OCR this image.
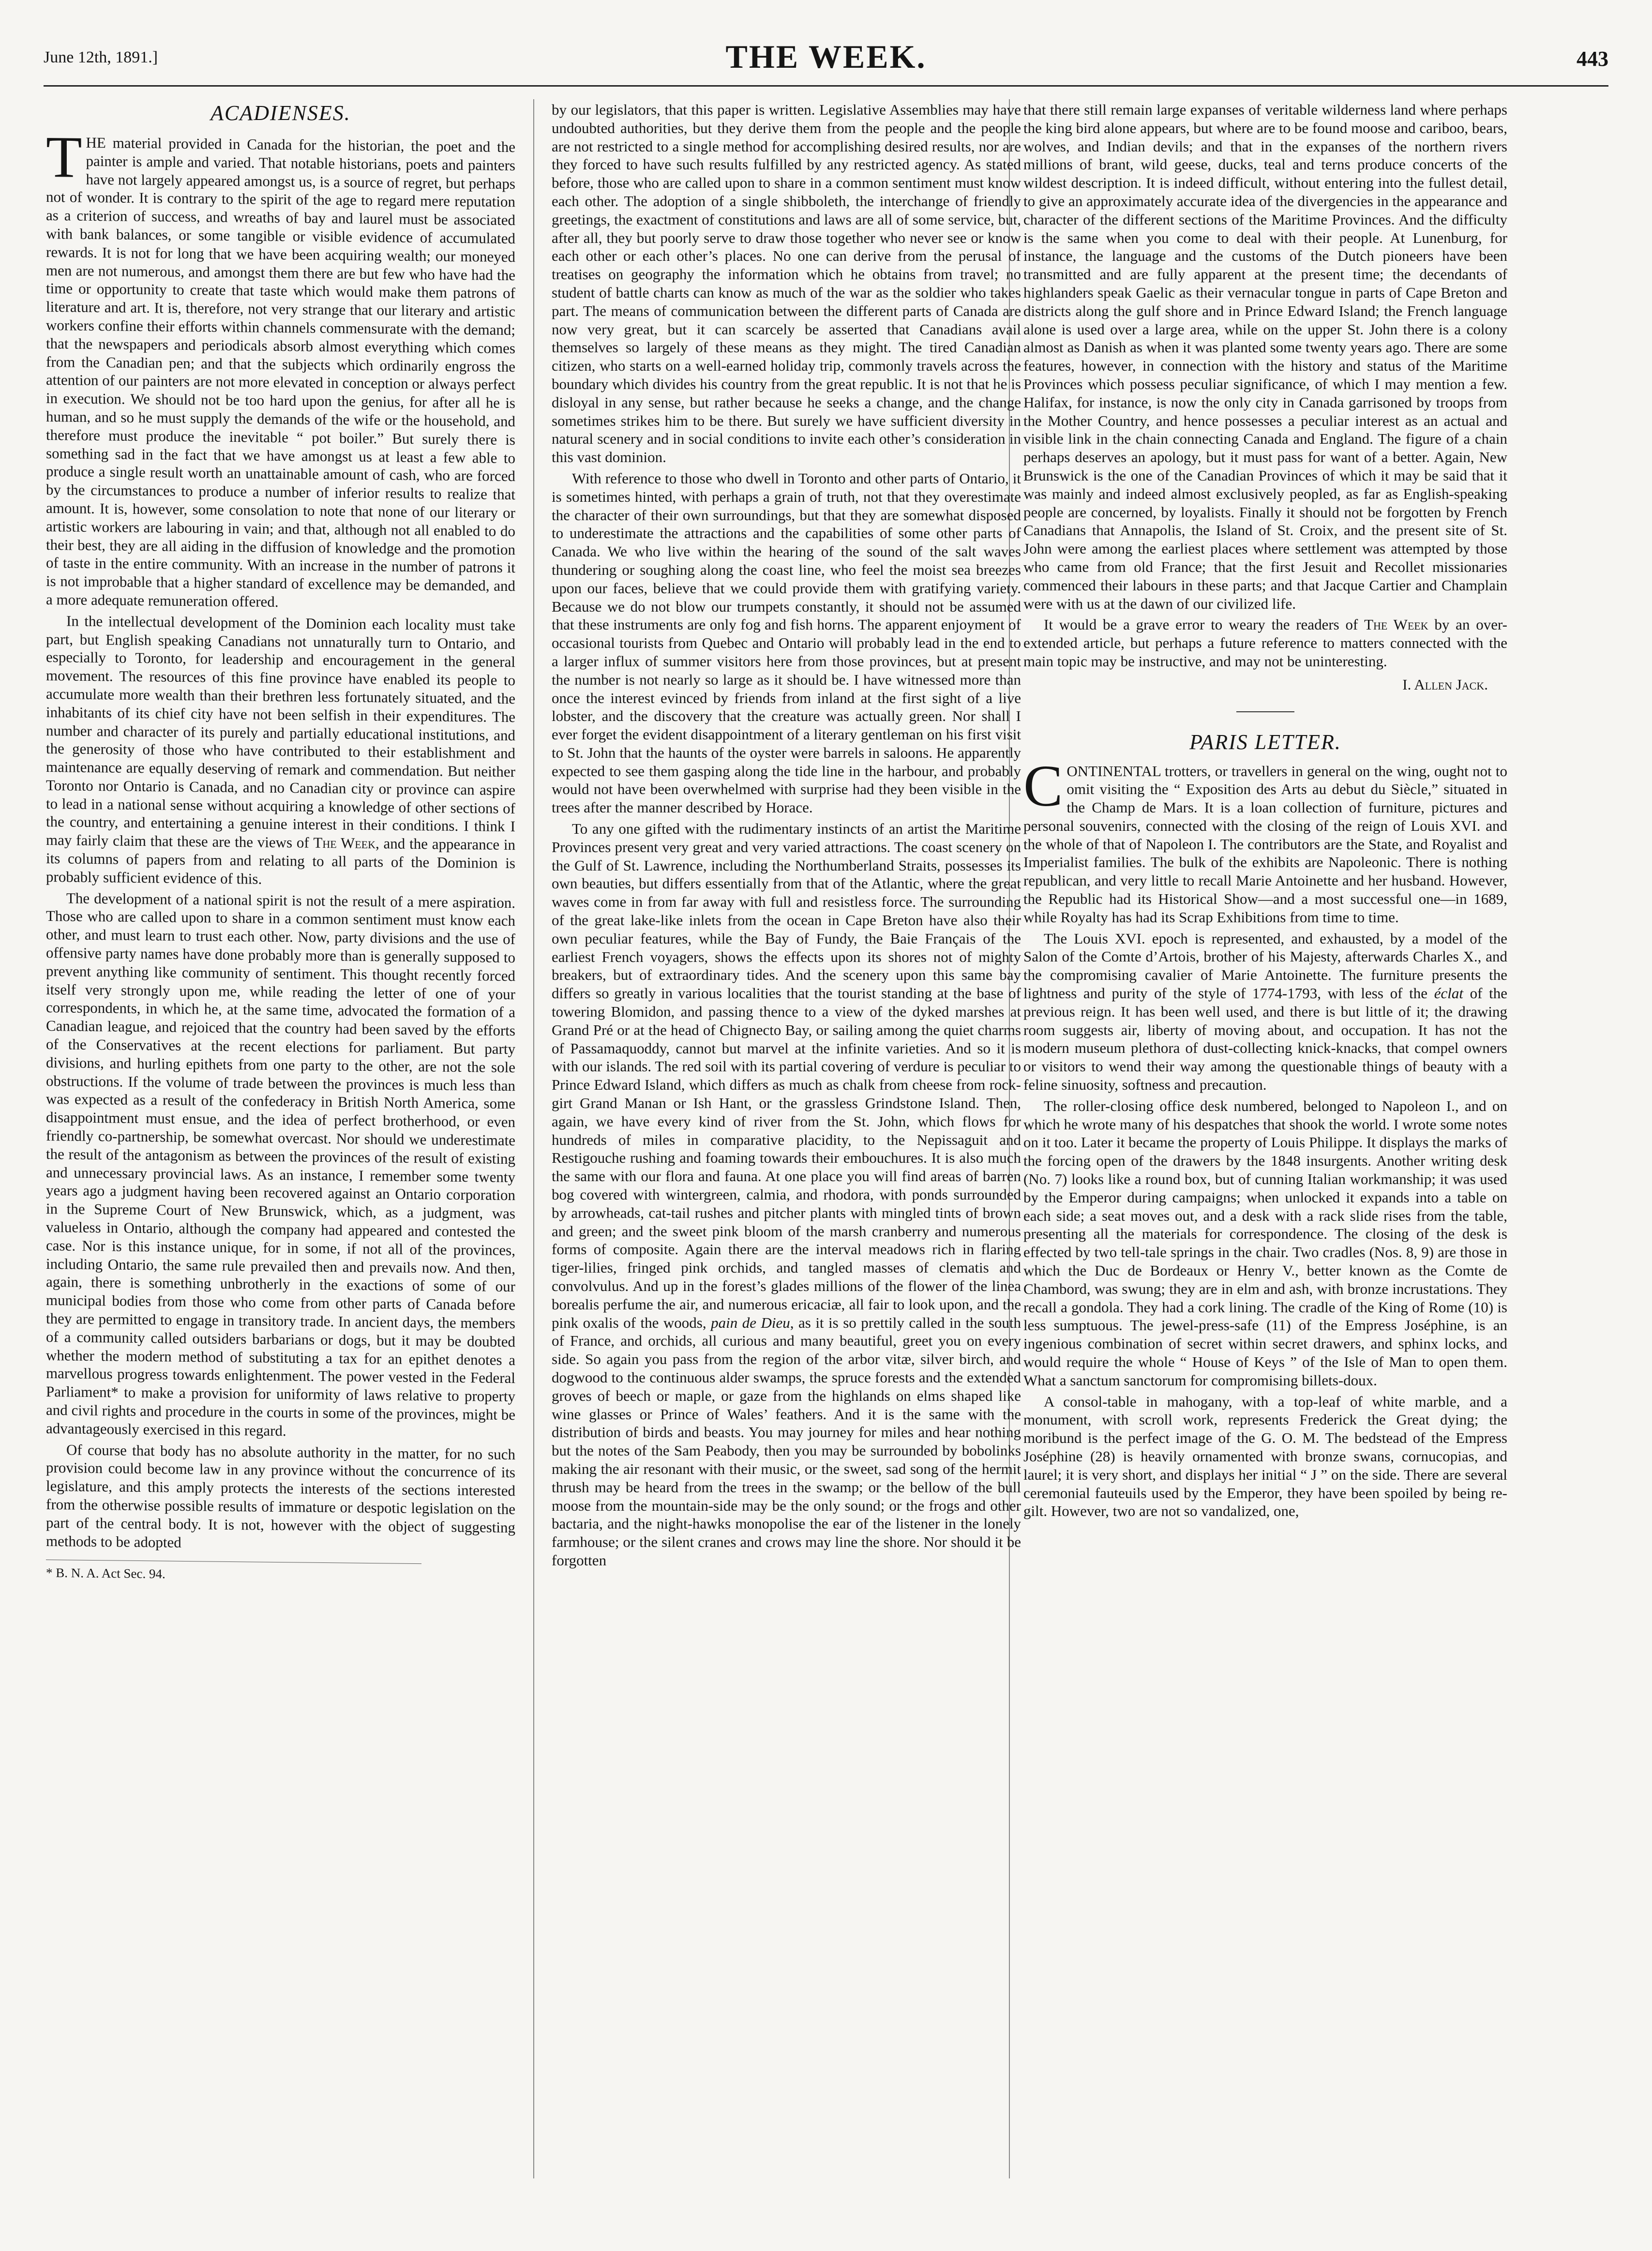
June 12th, 1891.]	THE WEEK.	443
ACADIENSES.

THE material provided in Canada for the historian, the poet and the painter is ample and varied. That notable historians, poets and painters have not largely appeared amongst us, is a source of regret, but perhaps not of wonder. It is contrary to the spirit of the age to regard mere reputation as a criterion of success, and wreaths of bay and laurel must be associated with bank balances, or some tangible or visible evidence of accumulated rewards. It is not for long that we have been acquiring wealth; our moneyed men are not numerous, and amongst them there are but few who have had the time or opportunity to create that taste which would make them patrons of literature and art. It is, therefore, not very strange that our literary and artistic workers confine their efforts within channels commensurate with the demand; that the newspapers and periodicals absorb almost everything which comes from the Canadian pen; and that the subjects which ordinarily engross the attention of our painters are not more elevated in conception or always perfect in execution. We should not be too hard upon the genius, for after all he is human, and so he must supply the demands of the wife or the household, and therefore must produce the inevitable “ pot boiler.” But surely there is something sad in the fact that we have amongst us at least a few able to produce a single result worth an unattainable amount of cash, who are forced by the circumstances to produce a number of inferior results to realize that amount. It is, however, some consolation to note that none of our literary or artistic workers are labouring in vain; and that, although not all enabled to do their best, they are all aiding in the diffusion of knowledge and the promotion of taste in the entire community. With an increase in the number of patrons it is not improbable that a higher standard of excellence may be demanded, and a more adequate remuneration offered.

In the intellectual development of the Dominion each locality must take part, but English speaking Canadians not unnaturally turn to Ontario, and especially to Toronto, for leadership and encouragement in the general movement. The resources of this fine province have enabled its people to accumulate more wealth than their brethren less fortunately situated, and the inhabitants of its chief city have not been selfish in their expenditures. The number and character of its purely and partially educational institutions, and the generosity of those who have contributed to their establishment and maintenance are equally deserving of remark and commendation. But neither Toronto nor Ontario is Canada, and no Canadian city or province can aspire to lead in a national sense without acquiring a knowledge of other sections of the country, and entertaining a genuine interest in their conditions. I think I may fairly claim that these are the views of The Week, and the appearance in its columns of papers from and relating to all parts of the Dominion is probably sufficient evidence of this.

The development of a national spirit is not the result of a mere aspiration. Those who are called upon to share in a common sentiment must know each other, and must learn to trust each other. Now, party divisions and the use of offensive party names have done probably more than is generally supposed to prevent anything like community of sentiment. This thought recently forced itself very strongly upon me, while reading the letter of one of your correspondents, in which he, at the same time, advocated the formation of a Canadian league, and rejoiced that the country had been saved by the efforts of the Conservatives at the recent elections for parliament. But party divisions, and hurling epithets from one party to the other, are not the sole obstructions. If the volume of trade between the provinces is much less than was expected as a result of the confederacy in British North America, some disappointment must ensue, and the idea of perfect brotherhood, or even friendly co-partnership, be somewhat overcast. Nor should we underestimate the result of the antagonism as between the provinces of the result of existing and unnecessary provincial laws. As an instance, I remember some twenty years ago a judgment having been recovered against an Ontario corporation in the Supreme Court of New Brunswick, which, as a judgment, was valueless in Ontario, although the company had appeared and contested the case. Nor is this instance unique, for in some, if not all of the provinces, including Ontario, the same rule prevailed then and prevails now. And then, again, there is something unbrotherly in the exactions of some of our municipal bodies from those who come from other parts of Canada before they are permitted to engage in transitory trade. In ancient days, the members of a community called outsiders barbarians or dogs, but it may be doubted whether the modern method of substituting a tax for an epithet denotes a marvellous progress towards enlightenment. The power vested in the Federal Parliament* to make a provision for uniformity of laws relative to property and civil rights and procedure in the courts in some of the provinces, might be advantageously exercised in this regard.

Of course that body has no absolute authority in the matter, for no such provision could become law in any province without the concurrence of its legislature, and this amply protects the interests of the sections interested from the otherwise possible results of immature or despotic legislation on the part of the central body. It is not, however with the object of suggesting methods to be adopted

* B. N. A. Act Sec. 94.

by our legislators, that this paper is written. Legislative Assemblies may have undoubted authorities, but they derive them from the people and the people are not restricted to a single method for accomplishing desired results, nor are they forced to have such results fulfilled by any restricted agency. As stated before, those who are called upon to share in a common sentiment must know each other. The adoption of a single shibboleth, the interchange of friendly greetings, the exactment of constitutions and laws are all of some service, but, after all, they but poorly serve to draw those together who never see or know each other or each other’s places. No one can derive from the perusal of treatises on geography the information which he obtains from travel; no student of battle charts can know as much of the war as the soldier who takes part. The means of communication between the different parts of Canada are now very great, but it can scarcely be asserted that Canadians avail themselves so largely of these means as they might. The tired Canadian citizen, who starts on a well-earned holiday trip, commonly travels across the boundary which divides his country from the great republic. It is not that he is disloyal in any sense, but rather because he seeks a change, and the change sometimes strikes him to be there. But surely we have sufficient diversity in natural scenery and in social conditions to invite each other’s consideration in this vast dominion.

With reference to those who dwell in Toronto and other parts of Ontario, it is sometimes hinted, with perhaps a grain of truth, not that they overestimate the character of their own surroundings, but that they are somewhat disposed to underestimate the attractions and the capabilities of some other parts of Canada. We who live within the hearing of the sound of the salt waves thundering or soughing along the coast line, who feel the moist sea breezes upon our faces, believe that we could provide them with gratifying variety. Because we do not blow our trumpets constantly, it should not be assumed that these instruments are only fog and fish horns. The apparent enjoyment of occasional tourists from Quebec and Ontario will probably lead in the end to a larger influx of summer visitors here from those provinces, but at present the number is not nearly so large as it should be. I have witnessed more than once the interest evinced by friends from inland at the first sight of a live lobster, and the discovery that the creature was actually green. Nor shall I ever forget the evident disappointment of a literary gentleman on his first visit to St. John that the haunts of the oyster were barrels in saloons. He apparently expected to see them gasping along the tide line in the harbour, and probably would not have been overwhelmed with surprise had they been visible in the trees after the manner described by Horace.

To any one gifted with the rudimentary instincts of an artist the Maritime Provinces present very great and very varied attractions. The coast scenery on the Gulf of St. Lawrence, including the Northumberland Straits, possesses its own beauties, but differs essentially from that of the Atlantic, where the great waves come in from far away with full and resistless force. The surrounding of the great lake-like inlets from the ocean in Cape Breton have also their own peculiar features, while the Bay of Fundy, the Baie Français of the earliest French voyagers, shows the effects upon its shores not of mighty breakers, but of extraordinary tides. And the scenery upon this same bay differs so greatly in various localities that the tourist standing at the base of towering Blomidon, and passing thence to a view of the dyked marshes at Grand Pré or at the head of Chignecto Bay, or sailing among the quiet charms of Passamaquoddy, cannot but marvel at the infinite varieties. And so it is with our islands. The red soil with its partial covering of verdure is peculiar to Prince Edward Island, which differs as much as chalk from cheese from rock-girt Grand Manan or Ish Hant, or the grassless Grindstone Island. Then, again, we have every kind of river from the St. John, which flows for hundreds of miles in comparative placidity, to the Nepissaguit and Restigouche rushing and foaming towards their embouchures. It is also much the same with our flora and fauna. At one place you will find areas of barren bog covered with wintergreen, calmia, and rhodora, with ponds surrounded by arrowheads, cat-tail rushes and pitcher plants with mingled tints of brown and green; and the sweet pink bloom of the marsh cranberry and numerous forms of composite. Again there are the interval meadows rich in flaring tiger-lilies, fringed pink orchids, and tangled masses of clematis and convolvulus. And up in the forest’s glades millions of the flower of the linea borealis perfume the air, and numerous ericaciæ, all fair to look upon, and the pink oxalis of the woods, pain de Dieu, as it is so prettily called in the south of France, and orchids, all curious and many beautiful, greet you on every side. So again you pass from the region of the arbor vitæ, silver birch, and dogwood to the continuous alder swamps, the spruce forests and the extended groves of beech or maple, or gaze from the highlands on elms shaped like wine glasses or Prince of Wales’ feathers. And it is the same with the distribution of birds and beasts. You may journey for miles and hear nothing but the notes of the Sam Peabody, then you may be surrounded by bobolinks making the air resonant with their music, or the sweet, sad song of the hermit thrush may be heard from the trees in the swamp; or the bellow of the bull moose from the mountain-side may be the only sound; or the frogs and other bactaria, and the night-hawks monopolise the ear of the listener in the lonely farmhouse; or the silent cranes and crows may line the shore. Nor should it be forgotten

that there still remain large expanses of veritable wilderness land where perhaps the king bird alone appears, but where are to be found moose and cariboo, bears, wolves, and Indian devils; and that in the expanses of the northern rivers millions of brant, wild geese, ducks, teal and terns produce concerts of the wildest description. It is indeed difficult, without entering into the fullest detail, to give an approximately accurate idea of the divergencies in the appearance and character of the different sections of the Maritime Provinces. And the difficulty is the same when you come to deal with their people. At Lunenburg, for instance, the language and the customs of the Dutch pioneers have been transmitted and are fully apparent at the present time; the decendants of highlanders speak Gaelic as their vernacular tongue in parts of Cape Breton and districts along the gulf shore and in Prince Edward Island; the French language alone is used over a large area, while on the upper St. John there is a colony almost as Danish as when it was planted some twenty years ago. There are some features, however, in connection with the history and status of the Maritime Provinces which possess peculiar significance, of which I may mention a few. Halifax, for instance, is now the only city in Canada garrisoned by troops from the Mother Country, and hence possesses a peculiar interest as an actual and visible link in the chain connecting Canada and England. The figure of a chain perhaps deserves an apology, but it must pass for want of a better. Again, New Brunswick is the one of the Canadian Provinces of which it may be said that it was mainly and indeed almost exclusively peopled, as far as English-speaking people are concerned, by loyalists. Finally it should not be forgotten by French Canadians that Annapolis, the Island of St. Croix, and the present site of St. John were among the earliest places where settlement was attempted by those who came from old France; that the first Jesuit and Recollet missionaries commenced their labours in these parts; and that Jacque Cartier and Champlain were with us at the dawn of our civilized life.

It would be a grave error to weary the readers of The Week by an over-extended article, but perhaps a future reference to matters connected with the main topic may be instructive, and may not be uninteresting.

I. Allen Jack.
PARIS LETTER.

CONTINENTAL trotters, or travellers in general on the wing, ought not to omit visiting the “ Exposition des Arts au debut du Siècle,” situated in the Champ de Mars. It is a loan collection of furniture, pictures and personal souvenirs, connected with the closing of the reign of Louis XVI. and the whole of that of Napoleon I. The contributors are the State, and Royalist and Imperialist families. The bulk of the exhibits are Napoleonic. There is nothing republican, and very little to recall Marie Antoinette and her husband. However, the Republic had its Historical Show—and a most successful one—in 1689, while Royalty has had its Scrap Exhibitions from time to time.

The Louis XVI. epoch is represented, and exhausted, by a model of the Salon of the Comte d’Artois, brother of his Majesty, afterwards Charles X., and the compromising cavalier of Marie Antoinette. The furniture presents the lightness and purity of the style of 1774-1793, with less of the éclat of the previous reign. It has been well used, and there is but little of it; the drawing room suggests air, liberty of moving about, and occupation. It has not the modern museum plethora of dust-collecting knick-knacks, that compel owners or visitors to wend their way among the questionable things of beauty with a feline sinuosity, softness and precaution.

The roller-closing office desk numbered, belonged to Napoleon I., and on which he wrote many of his despatches that shook the world. I wrote some notes on it too. Later it became the property of Louis Philippe. It displays the marks of the forcing open of the drawers by the 1848 insurgents. Another writing desk (No. 7) looks like a round box, but of cunning Italian workmanship; it was used by the Emperor during campaigns; when unlocked it expands into a table on each side; a seat moves out, and a desk with a rack slide rises from the table, presenting all the materials for correspondence. The closing of the desk is effected by two tell-tale springs in the chair. Two cradles (Nos. 8, 9) are those in which the Duc de Bordeaux or Henry V., better known as the Comte de Chambord, was swung; they are in elm and ash, with bronze incrustations. They recall a gondola. They had a cork lining. The cradle of the King of Rome (10) is less sumptuous. The jewel-press-safe (11) of the Empress Joséphine, is an ingenious combination of secret within secret drawers, and sphinx locks, and would require the whole “ House of Keys ” of the Isle of Man to open them. What a sanctum sanctorum for compromising billets-doux.

A consol-table in mahogany, with a top-leaf of white marble, and a monument, with scroll work, represents Frederick the Great dying; the moribund is the perfect image of the G. O. M. The bedstead of the Empress Joséphine (28) is heavily ornamented with bronze swans, cornucopias, and laurel; it is very short, and displays her initial “ J ” on the side. There are several ceremonial fauteuils used by the Emperor, they have been spoiled by being re-gilt. However, two are not so vandalized, one,
